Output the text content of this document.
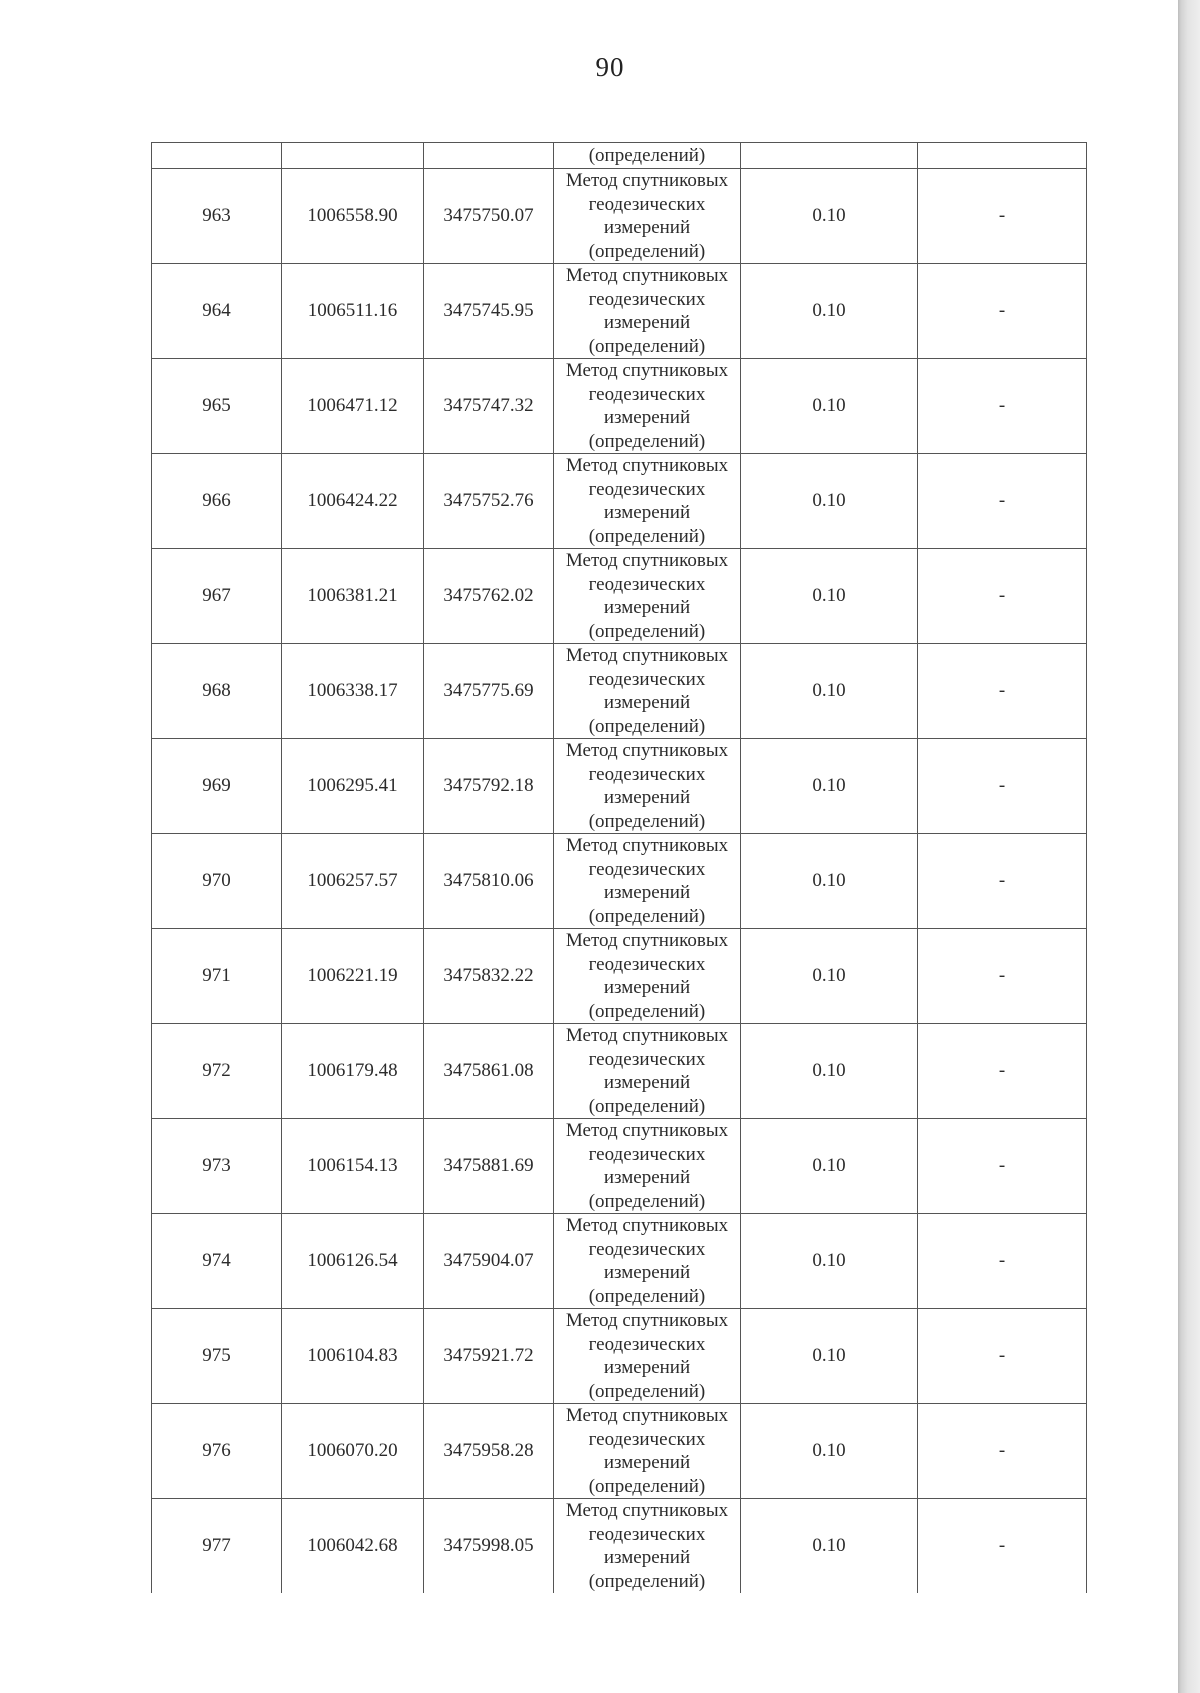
90
			(определений)		
963	1006558.90	3475750.07	Метод спутниковых
геодезических
измерений
(определений)	0.10	-
964	1006511.16	3475745.95	Метод спутниковых
геодезических
измерений
(определений)	0.10	-
965	1006471.12	3475747.32	Метод спутниковых
геодезических
измерений
(определений)	0.10	-
966	1006424.22	3475752.76	Метод спутниковых
геодезических
измерений
(определений)	0.10	-
967	1006381.21	3475762.02	Метод спутниковых
геодезических
измерений
(определений)	0.10	-
968	1006338.17	3475775.69	Метод спутниковых
геодезических
измерений
(определений)	0.10	-
969	1006295.41	3475792.18	Метод спутниковых
геодезических
измерений
(определений)	0.10	-
970	1006257.57	3475810.06	Метод спутниковых
геодезических
измерений
(определений)	0.10	-
971	1006221.19	3475832.22	Метод спутниковых
геодезических
измерений
(определений)	0.10	-
972	1006179.48	3475861.08	Метод спутниковых
геодезических
измерений
(определений)	0.10	-
973	1006154.13	3475881.69	Метод спутниковых
геодезических
измерений
(определений)	0.10	-
974	1006126.54	3475904.07	Метод спутниковых
геодезических
измерений
(определений)	0.10	-
975	1006104.83	3475921.72	Метод спутниковых
геодезических
измерений
(определений)	0.10	-
976	1006070.20	3475958.28	Метод спутниковых
геодезических
измерений
(определений)	0.10	-
977	1006042.68	3475998.05	Метод спутниковых
геодезических
измерений
(определений)	0.10	-
